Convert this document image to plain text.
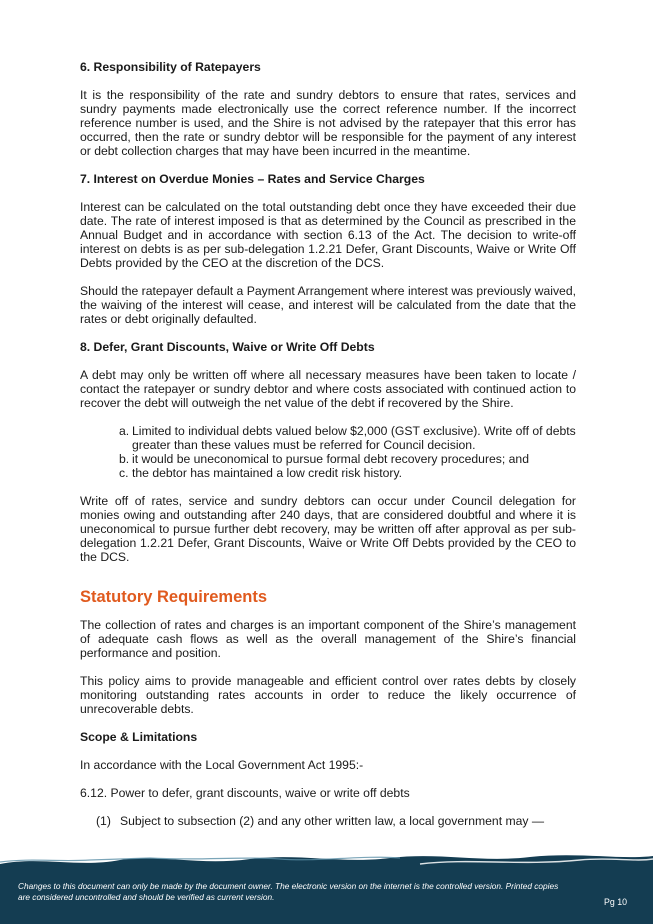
6. Responsibility of Ratepayers

It is the responsibility of the rate and sundry debtors to ensure that rates, services and sundry payments made electronically use the correct reference number. If the incorrect reference number is used, and the Shire is not advised by the ratepayer that this error has occurred, then the rate or sundry debtor will be responsible for the payment of any interest or debt collection charges that may have been incurred in the meantime.

7. Interest on Overdue Monies – Rates and Service Charges

Interest can be calculated on the total outstanding debt once they have exceeded their due date. The rate of interest imposed is that as determined by the Council as prescribed in the Annual Budget and in accordance with section 6.13 of the Act. The decision to write-off interest on debts is as per sub-delegation 1.2.21 Defer, Grant Discounts, Waive or Write Off Debts provided by the CEO at the discretion of the DCS.

Should the ratepayer default a Payment Arrangement where interest was previously waived, the waiving of the interest will cease, and interest will be calculated from the date that the rates or debt originally defaulted.

8. Defer, Grant Discounts, Waive or Write Off Debts

A debt may only be written off where all necessary measures have been taken to locate / contact the ratepayer or sundry debtor and where costs associated with continued action to recover the debt will outweigh the net value of the debt if recovered by the Shire.

a. Limited to individual debts valued below $2,000 (GST exclusive). Write off of debts greater than these values must be referred for Council decision.
b. it would be uneconomical to pursue formal debt recovery procedures; and
c. the debtor has maintained a low credit risk history.

Write off of rates, service and sundry debtors can occur under Council delegation for monies owing and outstanding after 240 days, that are considered doubtful and where it is uneconomical to pursue further debt recovery, may be written off after approval as per sub-delegation 1.2.21 Defer, Grant Discounts, Waive or Write Off Debts provided by the CEO to the DCS.

Statutory Requirements

The collection of rates and charges is an important component of the Shire’s management of adequate cash flows as well as the overall management of the Shire’s financial performance and position.

This policy aims to provide manageable and efficient control over rates debts by closely monitoring outstanding rates accounts in order to reduce the likely occurrence of unrecoverable debts.

Scope & Limitations

In accordance with the Local Government Act 1995:-

6.12. Power to defer, grant discounts, waive or write off debts

(1) Subject to subsection (2) and any other written law, a local government may —
Changes to this document can only be made by the document owner. The electronic version on the internet is the controlled version. Printed copies are considered uncontrolled and should be verified as current version.	Pg 10
